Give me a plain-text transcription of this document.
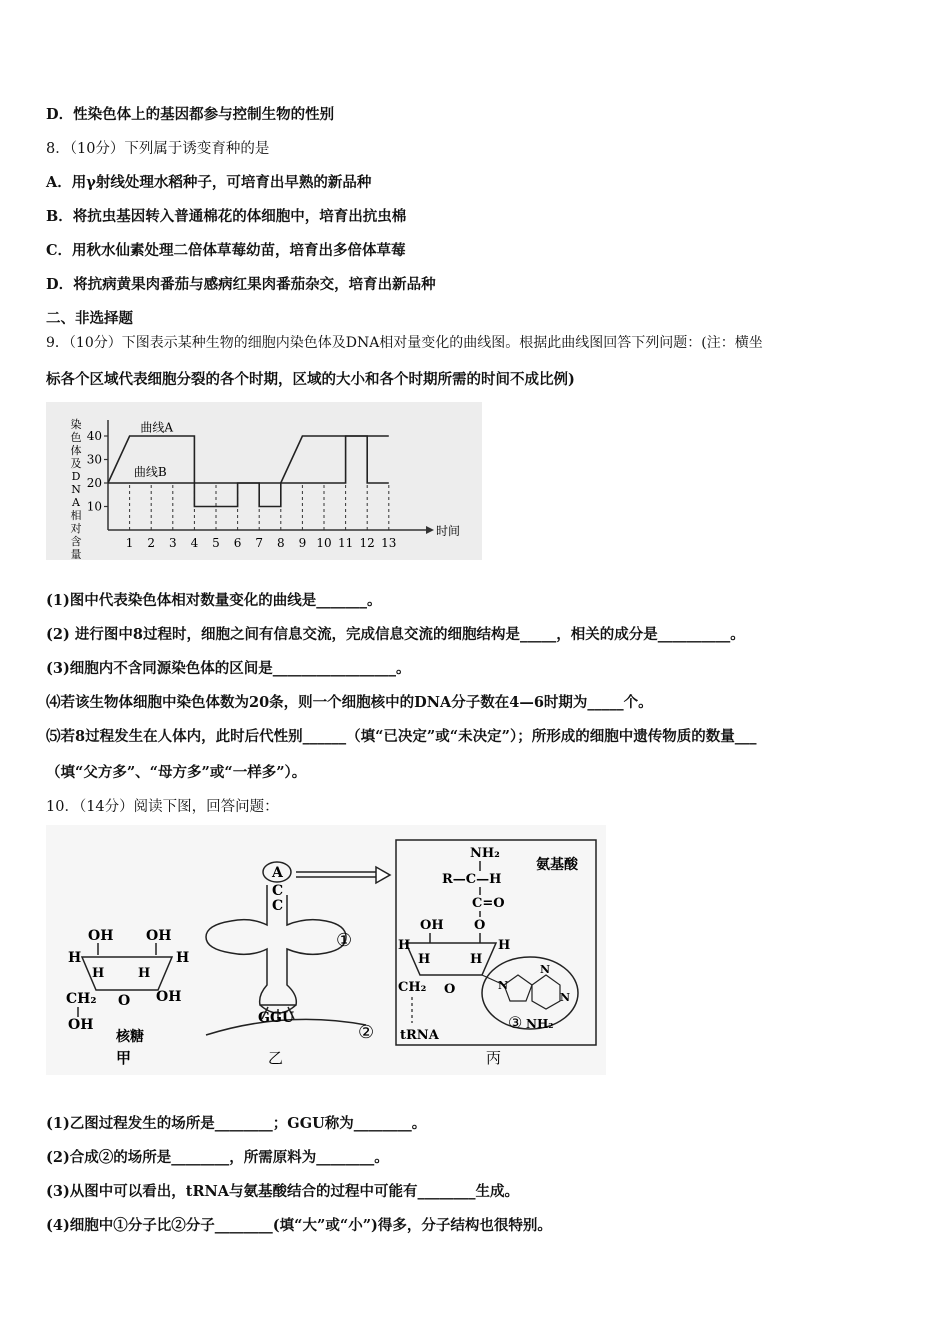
D．性染色体上的基因都参与控制生物的性别
8．（10分）下列属于诱变育种的是
A．用γ射线处理水稻种子，可培育出早熟的新品种
B．将抗虫基因转入普通棉花的体细胞中，培育出抗虫棉
C．用秋水仙素处理二倍体草莓幼苗，培育出多倍体草莓
D．将抗病黄果肉番茄与感病红果肉番茄杂交，培育出新品种
二、非选择题
9．（10分）下图表示某种生物的细胞内染色体及DNA相对量变化的曲线图。根据此曲线图回答下列问题：(注：横坐
标各个区域代表细胞分裂的各个时期，区域的大小和各个时期所需的时间不成比例)
染
色
体
及
D
N
A
相
对
含
量
时间
10
20
30
40
1 2 3 4 5 6 7 8 9 10 11 12 13
曲线A
曲线B
(1)图中代表染色体相对数量变化的曲线是_______。
(2) 进行图中8过程时，细胞之间有信息交流，完成信息交流的细胞结构是_____，相关的成分是__________。
(3)细胞内不含同源染色体的区间是_________________。
⑷若该生物体细胞中染色体数为20条，则一个细胞核中的DNA分子数在4—6时期为_____个。
⑸若8过程发生在人体内，此时后代性别______（填“已决定”或“未决定”）；所形成的细胞中遗传物质的数量___
（填“父方多”、“母方多”或“一样多”）。
10．（14分）阅读下图，回答问题：
OH OH
H	H
H	H
CH₂ O OH
OH
核糖
甲
A
C
C
GGU
①
②
乙
NH₂
氨基酸
R—C—H
C=O
O
OH
H	H
H	H
CH₂ O
tRNA
N
N
N
③ NH₂
丙
(1)乙图过程发生的场所是________；GGU称为________。
(2)合成②的场所是________，所需原料为________。
(3)从图中可以看出，tRNA与氨基酸结合的过程中可能有________生成。
(4)细胞中①分子比②分子________(填“大”或“小”)得多，分子结构也很特别。
